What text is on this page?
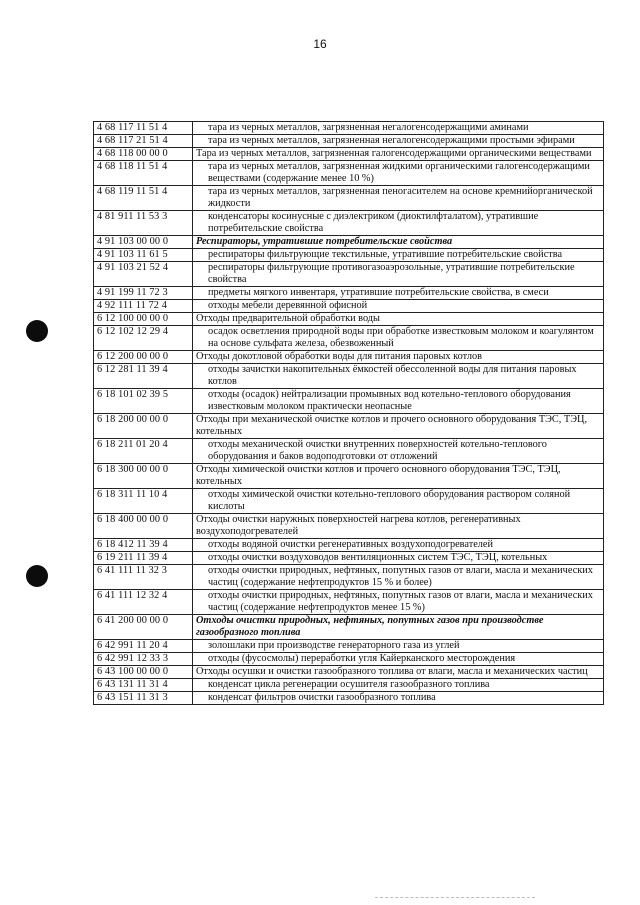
16
4 68 117 11 51 4	тара из черных металлов, загрязненная негалогенсодержащими аминами
4 68 117 21 51 4	тара из черных металлов, загрязненная негалогенсодержащими простыми эфирами
4 68 118 00 00 0	Тара из черных металлов, загрязненная галогенсодержащими органическими веществами
4 68 118 11 51 4	тара из черных металлов, загрязненная жидкими органическими галогенсодержащими веществами (содержание менее 10 %)
4 68 119 11 51 4	тара из черных металлов, загрязненная пеногасителем на основе кремнийорганической жидкости
4 81 911 11 53 3	конденсаторы косинусные с диэлектриком (диоктилфталатом), утратившие потребительские свойства
4 91 103 00 00 0	Респираторы, утратившие потребительские свойства
4 91 103 11 61 5	респираторы фильтрующие текстильные, утратившие потребительские свойства
4 91 103 21 52 4	респираторы фильтрующие противогазоаэрозольные, утратившие потребительские свойства
4 91 199 11 72 3	предметы мягкого инвентаря, утратившие потребительские свойства, в смеси
4 92 111 11 72 4	отходы мебели деревянной офисной
6 12 100 00 00 0	Отходы предварительной обработки воды
6 12 102 12 29 4	осадок осветления природной воды при обработке известковым молоком и коагулянтом на основе сульфата железа, обезвоженный
6 12 200 00 00 0	Отходы докотловой обработки воды для питания паровых котлов
6 12 281 11 39 4	отходы зачистки накопительных ёмкостей обессоленной воды для питания паровых котлов
6 18 101 02 39 5	отходы (осадок) нейтрализации промывных вод котельно-теплового оборудования известковым молоком практически неопасные
6 18 200 00 00 0	Отходы при механической очистке котлов и прочего основного оборудования ТЭС, ТЭЦ, котельных
6 18 211 01 20 4	отходы механической очистки внутренних поверхностей котельно-теплового оборудования и баков водоподготовки от отложений
6 18 300 00 00 0	Отходы химической очистки котлов и прочего основного оборудования ТЭС, ТЭЦ, котельных
6 18 311 11 10 4	отходы химической очистки котельно-теплового оборудования раствором соляной кислоты
6 18 400 00 00 0	Отходы очистки наружных поверхностей нагрева котлов, регенеративных воздухоподогревателей
6 18 412 11 39 4	отходы водяной очистки регенеративных воздухоподогревателей
6 19 211 11 39 4	отходы очистки воздуховодов вентиляционных систем ТЭС, ТЭЦ, котельных
6 41 111 11 32 3	отходы очистки природных, нефтяных, попутных газов от влаги, масла и механических частиц (содержание нефтепродуктов 15 % и более)
6 41 111 12 32 4	отходы очистки природных, нефтяных, попутных газов от влаги, масла и механических частиц (содержание нефтепродуктов менее 15 %)
6 41 200 00 00 0	Отходы очистки природных, нефтяных, попутных газов при производстве газообразного топлива
6 42 991 11 20 4	золошлаки при производстве генераторного газа из углей
6 42 991 12 33 3	отходы (фусосмолы) переработки угля Кайерканского месторождения
6 43 100 00 00 0	Отходы осушки и очистки газообразного топлива от влаги, масла и механических частиц
6 43 131 11 31 4	конденсат цикла регенерации осушителя газообразного топлива
6 43 151 11 31 3	конденсат фильтров очистки газообразного топлива
